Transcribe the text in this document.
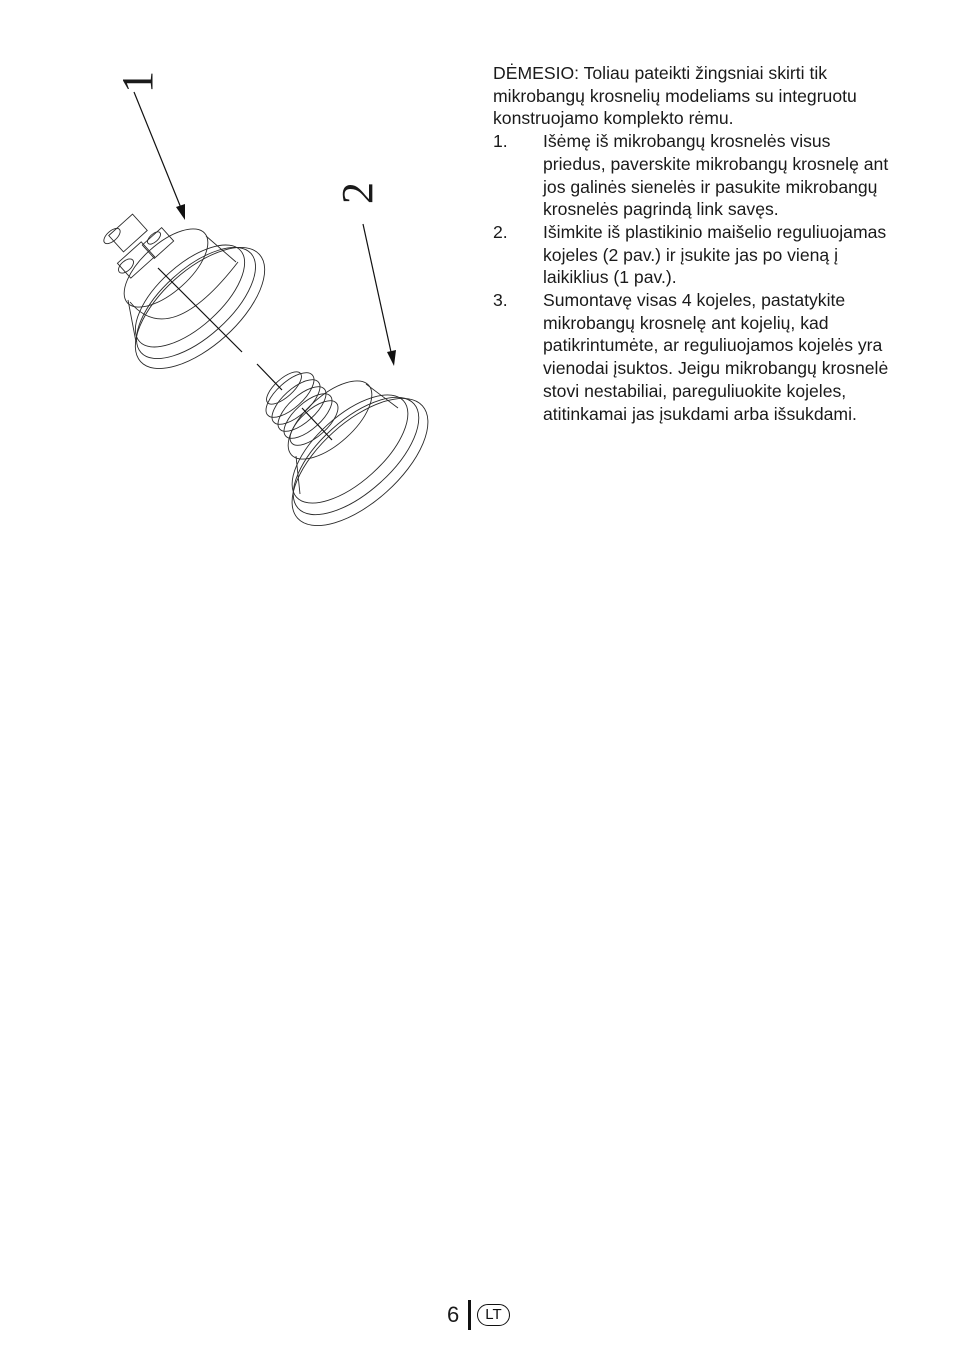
1
2

DĖMESIO: Toliau pateikti žingsniai skirti tik mikrobangų krosnelių modeliams su integruotu konstruojamo komplekto rėmu.

1.	Išėmę iš mikrobangų krosnelės visus priedus, paverskite mikrobangų krosnelę ant jos galinės sienelės ir pasukite mikrobangų krosnelės pagrindą link savęs.
2.	Išimkite iš plastikinio maišelio reguliuojamas kojeles (2 pav.) ir įsukite jas po vieną į laikiklius (1 pav.).
3.	Sumontavę visas 4 kojeles, pastatykite mikrobangų krosnelę ant kojelių, kad patikrintumėte, ar reguliuojamos kojelės yra vienodai įsuktos. Jeigu mikrobangų krosnelė stovi nestabiliai, pareguliuokite kojeles, atitinkamai jas įsukdami arba išsukdami.
6	LT
